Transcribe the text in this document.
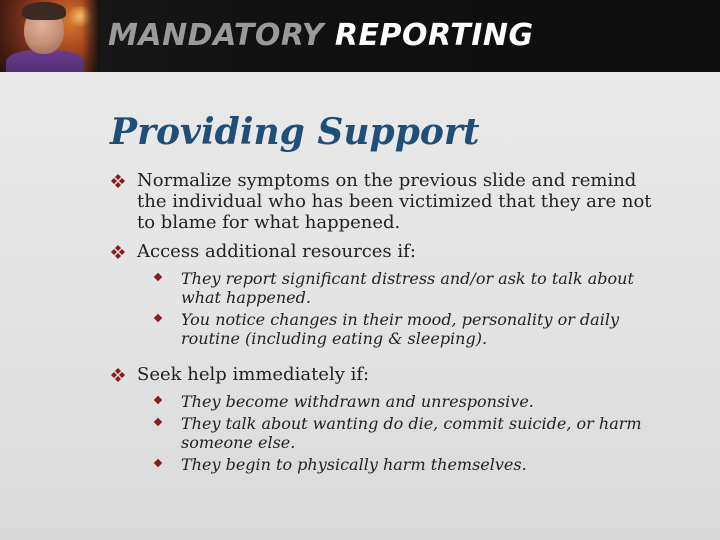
MANDATORY REPORTING
Providing Support
Normalize symptoms on the previous slide and remind the individual who has been victimized that they are not to blame for what happened.
Access additional resources if:
They report significant distress and/or ask to talk about what happened.
You notice changes in their mood, personality or daily routine (including eating & sleeping).
Seek help immediately if:
They become withdrawn and unresponsive.
They talk about wanting do die, commit suicide, or harm someone else.
They begin to physically harm themselves.
